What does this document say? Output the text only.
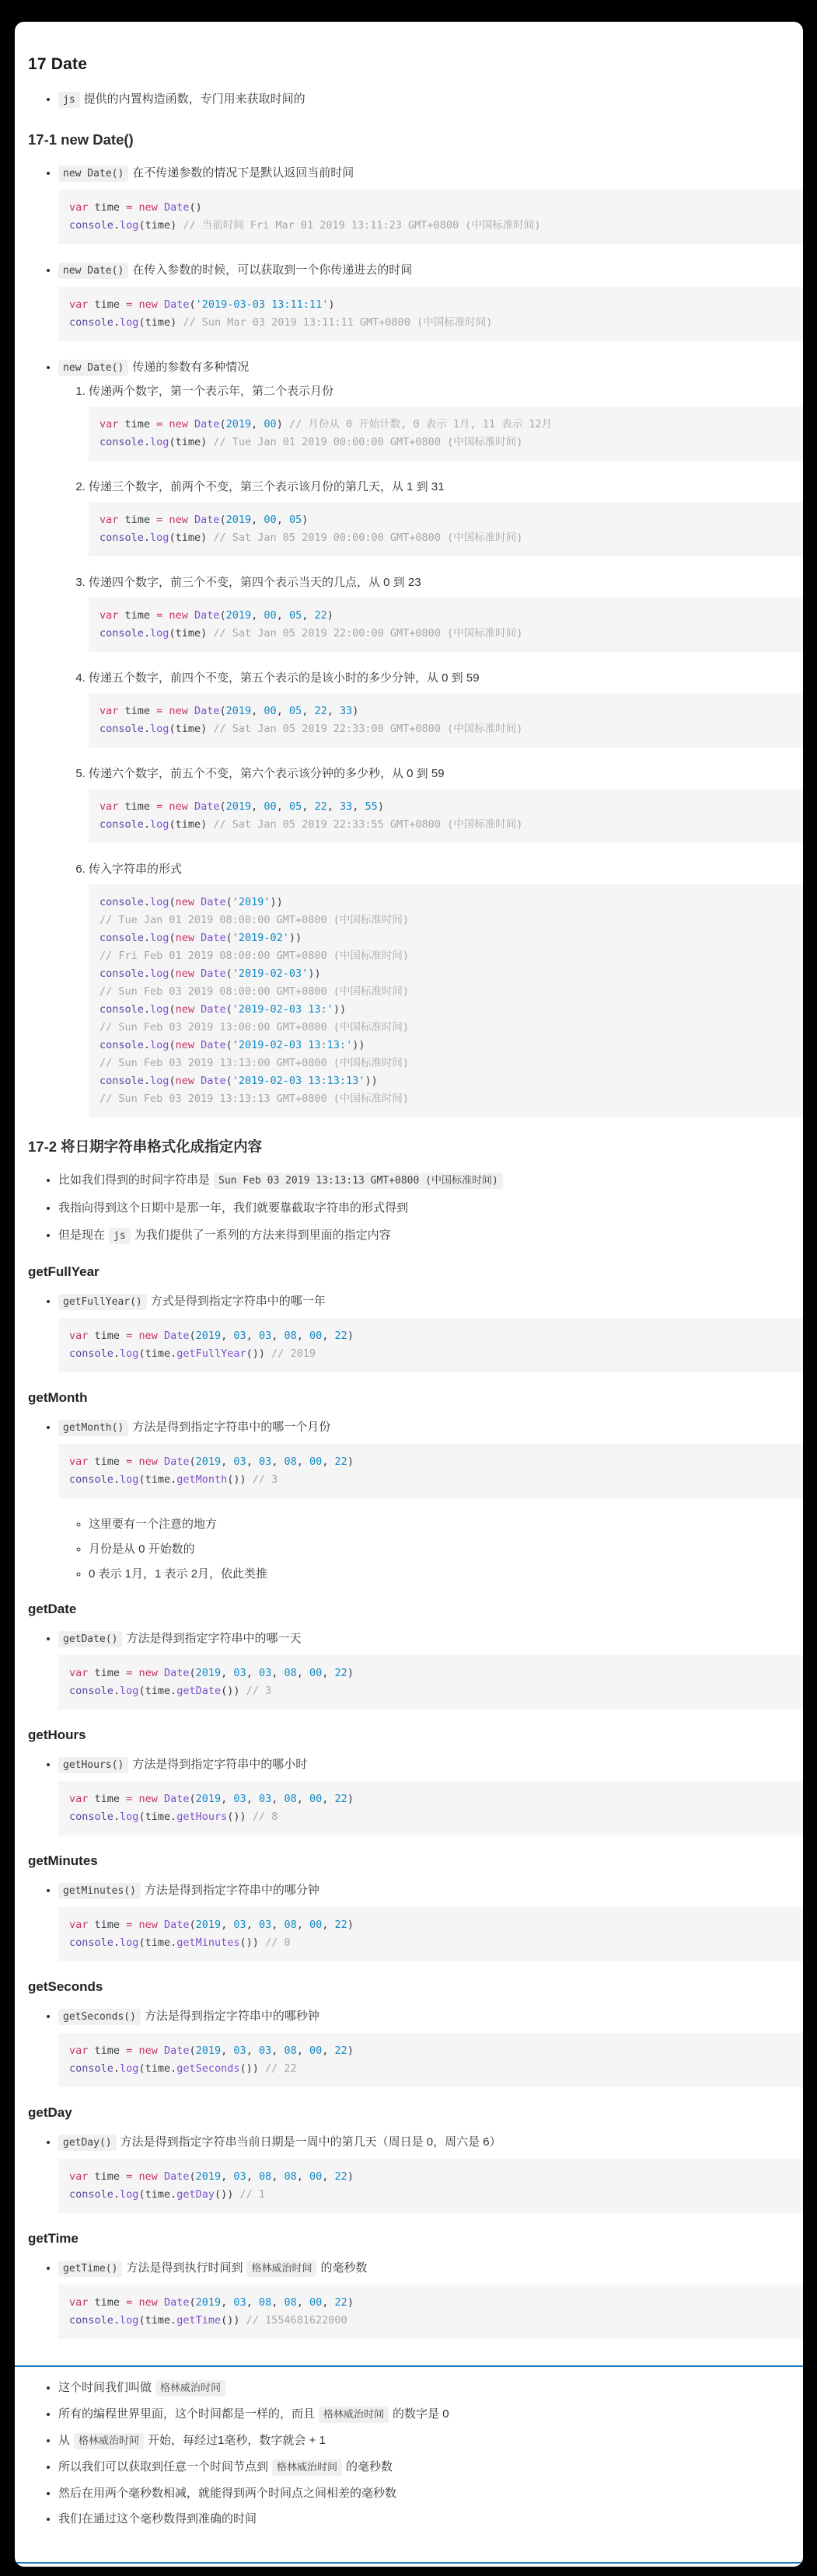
17 Date
• js 提供的内置构造函数，专门用来获取时间的
17-1 new Date()
• new Date() 在不传递参数的情况下是默认返回当前时间
var time = new Date()
console.log(time) // 当前时间 Fri Mar 01 2019 13:11:23 GMT+0800 (中国标准时间)
• new Date() 在传入参数的时候，可以获取到一个你传递进去的时间
var time = new Date('2019-03-03 13:11:11')
console.log(time) // Sun Mar 03 2019 13:11:11 GMT+0800 (中国标准时间)
• new Date() 传递的参数有多种情况
1. 传递两个数字，第一个表示年，第二个表示月份
var time = new Date(2019, 00) // 月份从 0 开始计数, 0 表示 1月, 11 表示 12月
console.log(time) // Tue Jan 01 2019 00:00:00 GMT+0800 (中国标准时间)
2. 传递三个数字，前两个不变，第三个表示该月份的第几天，从 1 到 31
var time = new Date(2019, 00, 05)
console.log(time) // Sat Jan 05 2019 00:00:00 GMT+0800 (中国标准时间)
3. 传递四个数字，前三个不变，第四个表示当天的几点，从 0 到 23
var time = new Date(2019, 00, 05, 22)
console.log(time) // Sat Jan 05 2019 22:00:00 GMT+0800 (中国标准时间)
4. 传递五个数字，前四个不变，第五个表示的是该小时的多少分钟，从 0 到 59
var time = new Date(2019, 00, 05, 22, 33)
console.log(time) // Sat Jan 05 2019 22:33:00 GMT+0800 (中国标准时间)
5. 传递六个数字，前五个不变，第六个表示该分钟的多少秒，从 0 到 59
var time = new Date(2019, 00, 05, 22, 33, 55)
console.log(time) // Sat Jan 05 2019 22:33:55 GMT+0800 (中国标准时间)
6. 传入字符串的形式
console.log(new Date('2019'))
// Tue Jan 01 2019 08:00:00 GMT+0800 (中国标准时间)
console.log(new Date('2019-02'))
// Fri Feb 01 2019 08:00:00 GMT+0800 (中国标准时间)
console.log(new Date('2019-02-03'))
// Sun Feb 03 2019 08:00:00 GMT+0800 (中国标准时间)
console.log(new Date('2019-02-03 13:'))
// Sun Feb 03 2019 13:00:00 GMT+0800 (中国标准时间)
console.log(new Date('2019-02-03 13:13:'))
// Sun Feb 03 2019 13:13:00 GMT+0800 (中国标准时间)
console.log(new Date('2019-02-03 13:13:13'))
// Sun Feb 03 2019 13:13:13 GMT+0800 (中国标准时间)
17-2 将日期字符串格式化成指定内容
• 比如我们得到的时间字符串是 Sun Feb 03 2019 13:13:13 GMT+0800 (中国标准时间)
• 我指向得到这个日期中是那一年，我们就要靠截取字符串的形式得到
• 但是现在 js 为我们提供了一系列的方法来得到里面的指定内容
getFullYear
• getFullYear() 方式是得到指定字符串中的哪一年
var time = new Date(2019, 03, 03, 08, 00, 22)
console.log(time.getFullYear()) // 2019
getMonth
• getMonth() 方法是得到指定字符串中的哪一个月份
var time = new Date(2019, 03, 03, 08, 00, 22)
console.log(time.getMonth()) // 3
◦ 这里要有一个注意的地方
◦ 月份是从 0 开始数的
◦ 0 表示 1月，1 表示 2月，依此类推
getDate
• getDate() 方法是得到指定字符串中的哪一天
var time = new Date(2019, 03, 03, 08, 00, 22)
console.log(time.getDate()) // 3
getHours
• getHours() 方法是得到指定字符串中的哪小时
var time = new Date(2019, 03, 03, 08, 00, 22)
console.log(time.getHours()) // 8
getMinutes
• getMinutes() 方法是得到指定字符串中的哪分钟
var time = new Date(2019, 03, 03, 08, 00, 22)
console.log(time.getMinutes()) // 0
getSeconds
• getSeconds() 方法是得到指定字符串中的哪秒钟
var time = new Date(2019, 03, 03, 08, 00, 22)
console.log(time.getSeconds()) // 22
getDay
• getDay() 方法是得到指定字符串当前日期是一周中的第几天（周日是 0，周六是 6）
var time = new Date(2019, 03, 08, 08, 00, 22)
console.log(time.getDay()) // 1
getTime
• getTime() 方法是得到执行时间到 格林威治时间 的毫秒数
var time = new Date(2019, 03, 08, 08, 00, 22)
console.log(time.getTime()) // 1554681622000
• 这个时间我们叫做 格林威治时间
• 所有的编程世界里面，这个时间都是一样的，而且 格林威治时间 的数字是 0
• 从 格林威治时间 开始，每经过1毫秒，数字就会 + 1
• 所以我们可以获取到任意一个时间节点到 格林威治时间 的毫秒数
• 然后在用两个毫秒数相减，就能得到两个时间点之间相差的毫秒数
• 我们在通过这个毫秒数得到准确的时间
